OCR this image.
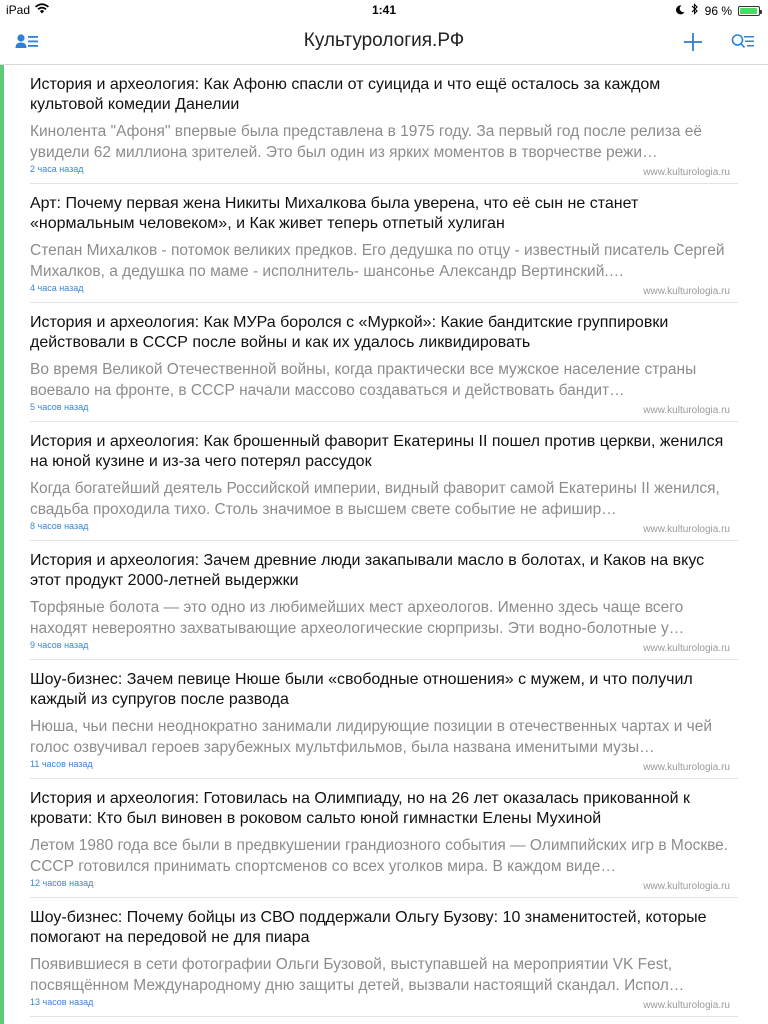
iPad	1:41	96 %
Культурология.РФ
История и археология: Как Афоню спасли от суицида и что ещё осталось за каждом культовой комедии Данелии
Кинолента "Афоня" впервые была представлена в 1975 году. За первый год после релиза её увидели 62 миллиона зрителей. Это был один из ярких моментов в творчестве режи…
2 часа назад	www.kulturologia.ru
Арт: Почему первая жена Никиты Михалкова была уверена, что её сын не станет «нормальным человеком», и Как живет теперь отпетый хулиган
Степан Михалков - потомок великих предков. Его дедушка по отцу - известный писатель Сергей Михалков, а дедушка по маме - исполнитель- шансонье Александр Вертинский.…
4 часа назад	www.kulturologia.ru
История и археология: Как МУРа боролся с «Муркой»: Какие бандитские группировки действовали в СССР после войны и как их удалось ликвидировать
Во время Великой Отечественной войны, когда практически все мужское население страны воевало на фронте, в СССР начали массово создаваться и действовать бандит…
5 часов назад	www.kulturologia.ru
История и археология: Как брошенный фаворит Екатерины II пошел против церкви, женился на юной кузине и из-за чего потерял рассудок
Когда богатейший деятель Российской империи, видный фаворит самой Екатерины II женился, свадьба проходила тихо. Столь значимое в высшем свете событие не афишир…
8 часов назад	www.kulturologia.ru
История и археология: Зачем древние люди закапывали масло в болотах, и Каков на вкус этот продукт 2000-летней выдержки
Торфяные болота — это одно из любимейших мест археологов. Именно здесь чаще всего находят невероятно захватывающие археологические сюрпризы. Эти водно-болотные у…
9 часов назад	www.kulturologia.ru
Шоу-бизнес: Зачем певице Нюше были «свободные отношения» с мужем, и что получил каждый из супругов после развода
Нюша, чьи песни неоднократно занимали лидирующие позиции в отечественных чартах и чей голос озвучивал героев зарубежных мультфильмов, была названа именитыми музы…
11 часов назад	www.kulturologia.ru
История и археология: Готовилась на Олимпиаду, но на 26 лет оказалась прикованной к кровати: Кто был виновен в роковом сальто юной гимнастки Елены Мухиной
Летом 1980 года все были в предвкушении грандиозного события — Олимпийских игр в Москве. СССР готовился принимать спортсменов со всех уголков мира. В каждом виде…
12 часов назад	www.kulturologia.ru
Шоу-бизнес: Почему бойцы из СВО поддержали Ольгу Бузову: 10 знаменитостей, которые помогают на передовой не для пиара
Появившиеся в сети фотографии Ольги Бузовой, выступавшей на мероприятии VK Fest, посвящённом Международному дню защиты детей, вызвали настоящий скандал. Испол…
13 часов назад	www.kulturologia.ru
